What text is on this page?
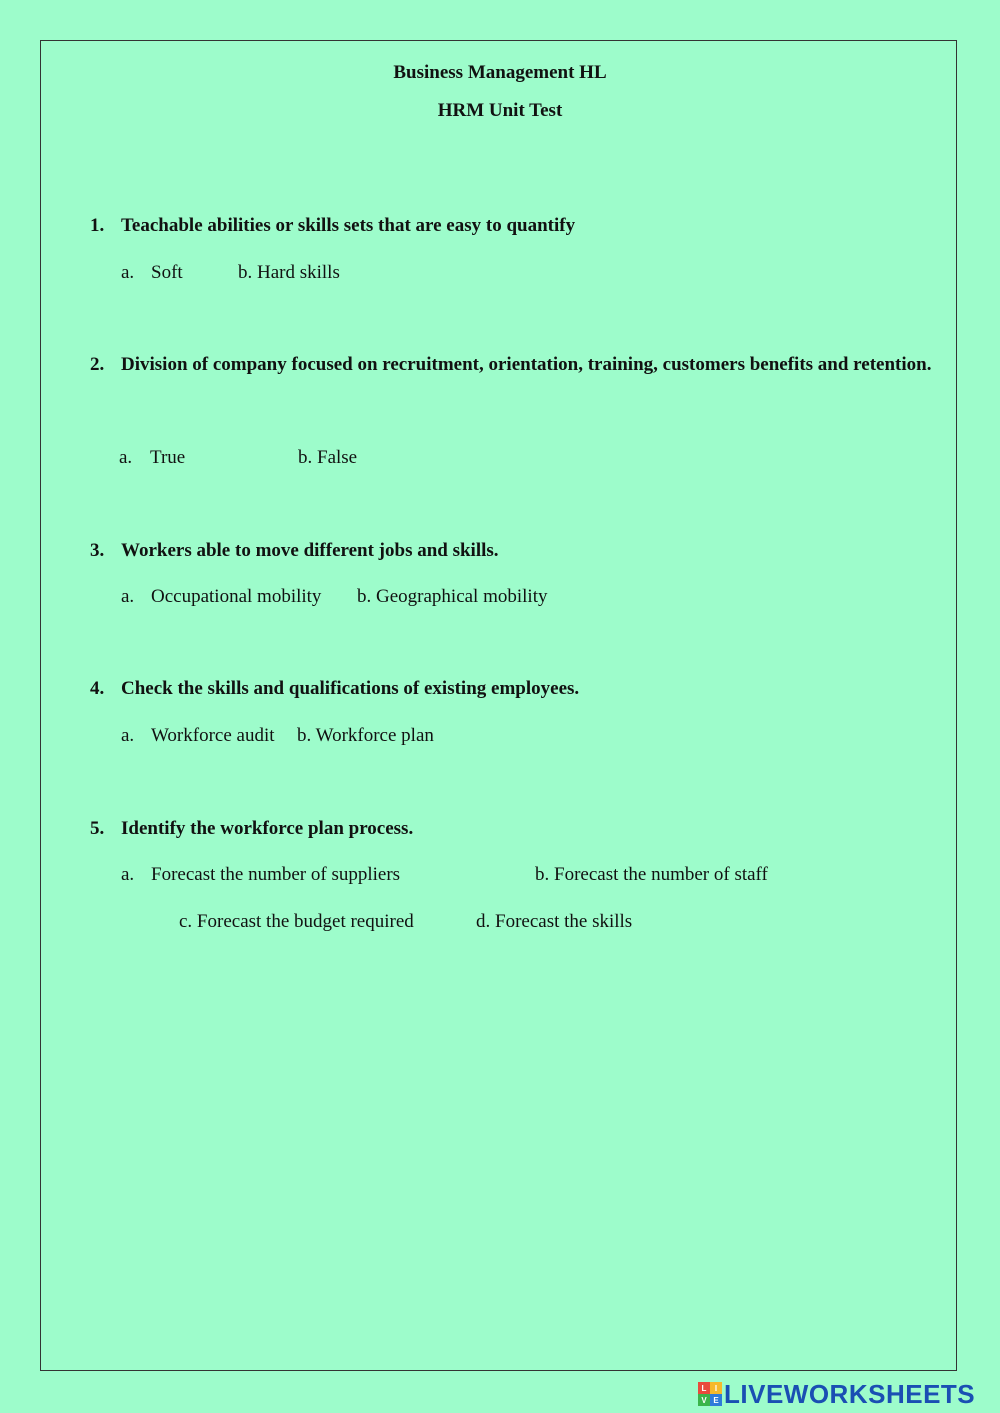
Business Management HL
HRM Unit Test
1. Teachable abilities or skills sets that are easy to quantify
a. Soft	b. Hard skills
2. Division of company focused on recruitment, orientation, training, customers benefits and retention.
a. True	b. False
3. Workers able to move different jobs and skills.
a. Occupational mobility b. Geographical mobility
4. Check the skills and qualifications of existing employees.
a. Workforce audit b. Workforce plan
5. Identify the workforce plan process.
a. Forecast the number of suppliers	b. Forecast the number of staff
c. Forecast the budget required	d. Forecast the skills
L	I
V E LIVEWORKSHEETS
